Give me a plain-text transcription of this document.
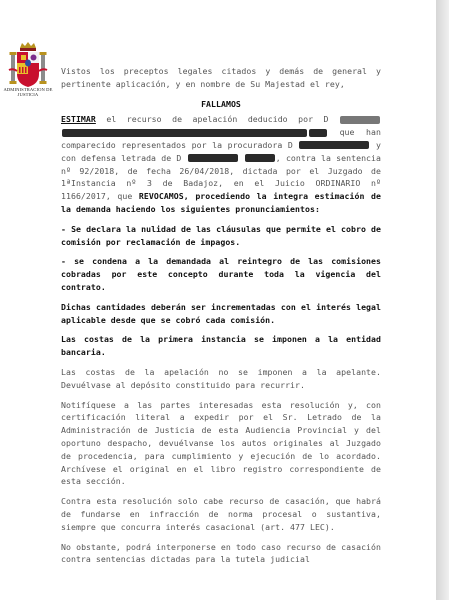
ADMINISTRACION DE JUSTICIA

Vistos los preceptos legales citados y demás de general y pertinente aplicación, y en nombre de Su Majestad el rey,

FALLAMOS

ESTIMAR el recurso de apelación deducido por D   que han comparecido representados por la procuradora D	y con defensa letrada de D	, contra la sentencia nº 92/2018, de fecha 26/04/2018, dictada por el Juzgado de 1ªInstancia nº 3 de Badajoz, en el Juicio ORDINARIO nº 1166/2017, que REVOCAMOS, procediendo la integra estimación de la demanda haciendo los siguientes pronunciamientos:

- Se declara la nulidad de las cláusulas que permite el cobro de comisión por reclamación de impagos.

- se condena a la demandada al reintegro de las comisiones cobradas por este concepto durante toda la vigencia del contrato.

Dichas cantidades deberán ser incrementadas con el interés legal aplicable desde que se cobró cada comisión.

Las costas de la primera instancia se imponen a la entidad bancaria.

Las costas de la apelación no se imponen a la apelante. Devuélvase al depósito constituido para recurrir.

Notifíquese a las partes interesadas esta resolución y, con certificación literal a expedir por el Sr. Letrado de la Administración de Justicia de esta Audiencia Provincial y del oportuno despacho, devuélvanse los autos originales al Juzgado de procedencia, para cumplimiento y ejecución de lo acordado. Archívese el original en el libro registro correspondiente de esta sección.

Contra esta resolución solo cabe recurso de casación, que habrá de fundarse en infracción de norma procesal o sustantiva, siempre que concurra interés casacional (art. 477 LEC).

No obstante, podrá interponerse en todo caso recurso de casación contra sentencias dictadas para la tutela judicial
